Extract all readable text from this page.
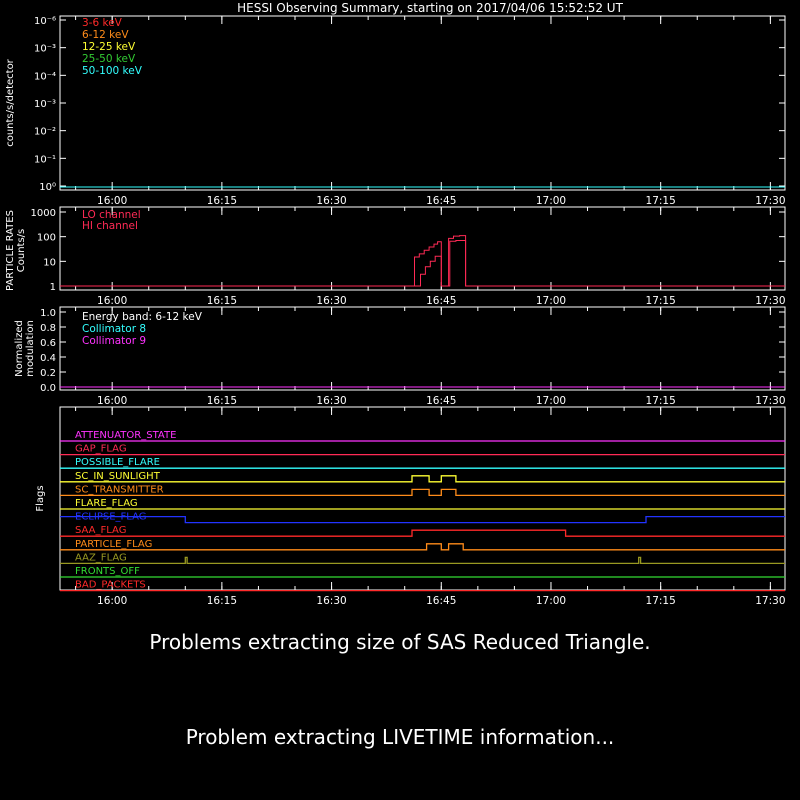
HESSI Observing Summary, starting on 2017/04/06 15:52:52 UT
16:00	16:15	16:30	16:45	17:00	17:15	17:30
10⁰
10⁻¹
10⁻²
10⁻³
10⁻⁴
10⁻³
10⁻⁶
counts/s/detector
3-6 keV
6-12 keV
12-25 keV
25-50 keV
50-100 keV
16:00	16:15	16:30	16:45	17:00	17:15	17:30
1000
100
10
1
PARTICLE RATES Counts/s
LO channel
HI channel
16:00	16:15	16:30	16:45	17:00	17:15	17:30
1.0
0.8
0.6
0.4
0.2
0.0
Normalized modulation
Energy band: 6-12 keV
Collimator 8
Collimator 9
16:00	16:15	16:30	16:45	17:00	17:15	17:30
Flags
ATTENUATOR_STATE
GAP_FLAG
POSSIBLE_FLARE
SC_IN_SUNLIGHT
SC_TRANSMITTER
FLARE_FLAG
ECLIPSE_FLAG
SAA_FLAG
PARTICLE_FLAG
AAZ_FLAG
FRONTS_OFF
BAD_PACKETS
Problems extracting size of SAS Reduced Triangle.
Problem extracting LIVETIME information...
